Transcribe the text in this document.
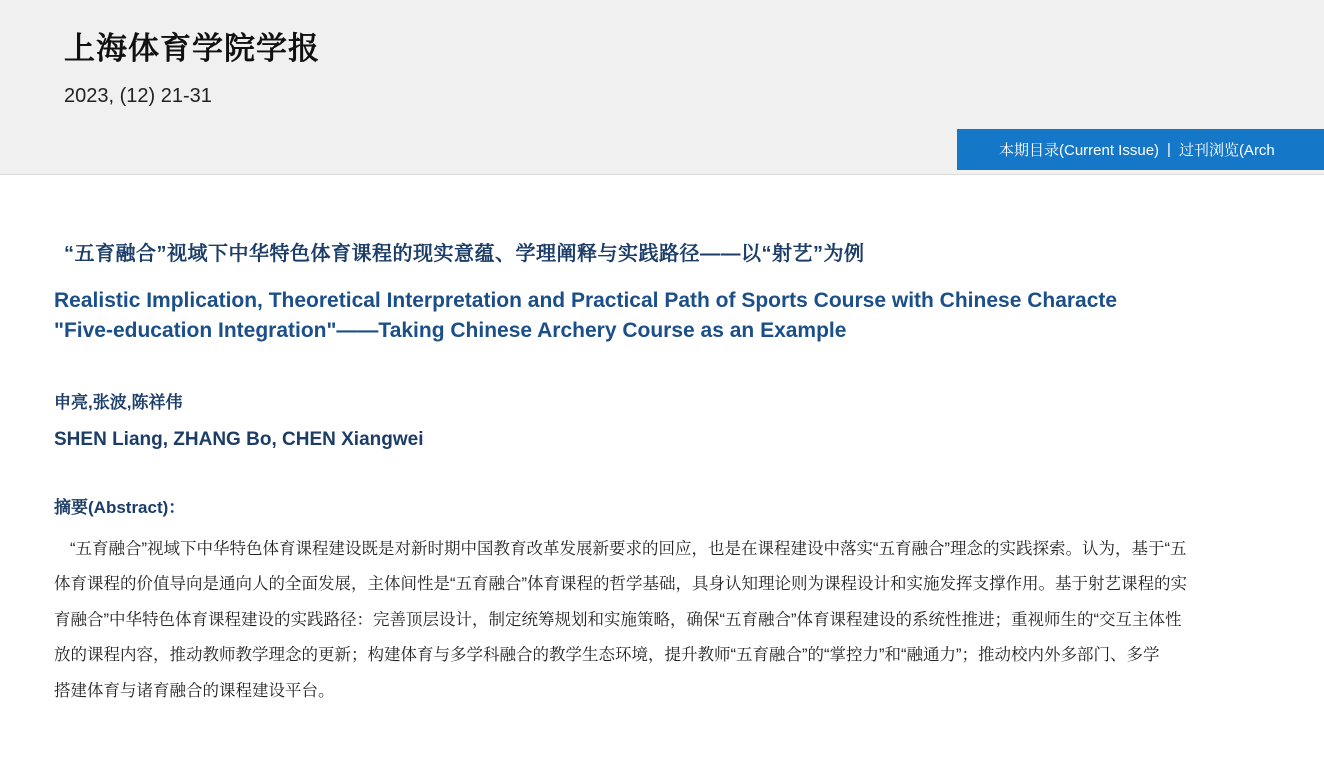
上海体育学院学报
2023, (12) 21-31
本期目录(Current Issue) | 过刊浏览(Arch
“五育融合”视域下中华特色体育课程的现实意蕴、学理阐释与实践路径——以“射艺”为例
Realistic Implication, Theoretical Interpretation and Practical Path of Sports Course with Chinese Characte
"Five-education Integration"——Taking Chinese Archery Course as an Example
申亮,张波,陈祥伟
SHEN Liang, ZHANG Bo, CHEN Xiangwei
摘要(Abstract)：
“五育融合”视域下中华特色体育课程建设既是对新时期中国教育改革发展新要求的回应，也是在课程建设中落实“五育融合”理念的实践探索。认为，基于“五
体育课程的价值导向是通向人的全面发展，主体间性是“五育融合”体育课程的哲学基础，具身认知理论则为课程设计和实施发挥支撑作用。基于射艺课程的实
育融合”中华特色体育课程建设的实践路径：完善顶层设计，制定统筹规划和实施策略，确保“五育融合”体育课程建设的系统性推进；重视师生的“交互主体性
放的课程内容，推动教师教学理念的更新；构建体育与多学科融合的教学生态环境，提升教师“五育融合”的“掌控力”和“融通力”；推动校内外多部门、多学
搭建体育与诸育融合的课程建设平台。
